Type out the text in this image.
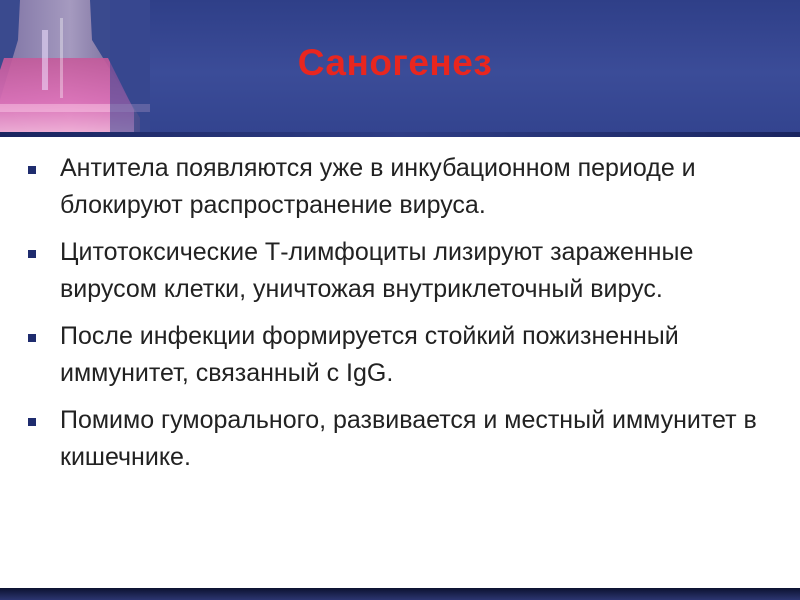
Саногенез
Антитела появляются уже в инкубационном периоде и блокируют распространение вируса.
Цитотоксические Т-лимфоциты лизируют зараженные вирусом клетки, уничтожая внутриклеточный вирус.
После инфекции формируется стойкий пожизненный иммунитет, связанный с IgG.
Помимо гуморального, развивается и местный иммунитет в кишечнике.
